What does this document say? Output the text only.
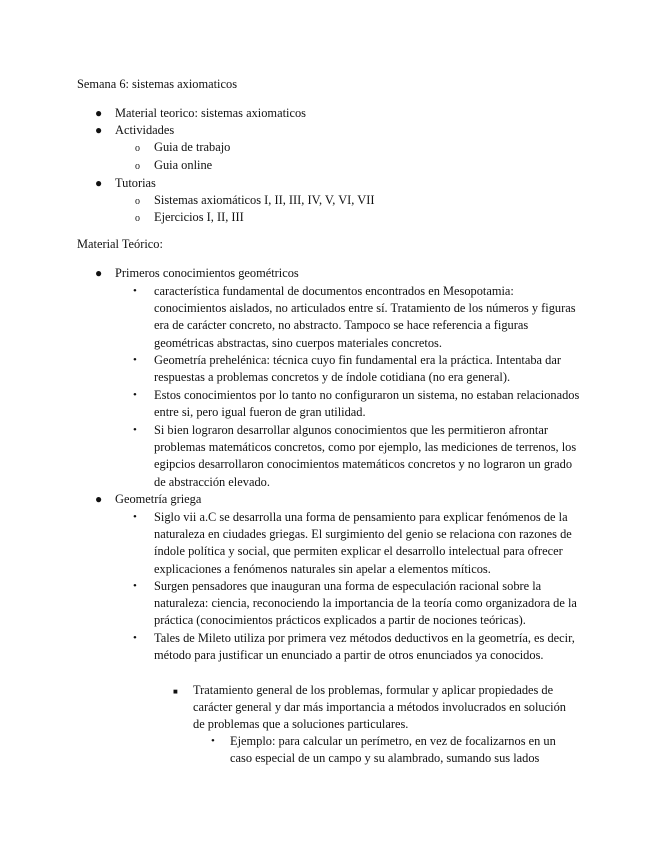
Semana 6: sistemas axiomaticos

● Material teorico: sistemas axiomaticos
● Actividades
o Guia de trabajo
o Guia online
● Tutorias
o Sistemas axiomáticos I, II, III, IV, V, VI, VII
o Ejercicios I, II, III

Material Teórico:

● Primeros conocimientos geométricos
• característica fundamental de documentos encontrados en Mesopotamia: conocimientos aislados, no articulados entre sí. Tratamiento de los números y figuras era de carácter concreto, no abstracto. Tampoco se hace referencia a figuras geométricas abstractas, sino cuerpos materiales concretos.
• Geometría prehelénica: técnica cuyo fin fundamental era la práctica. Intentaba dar respuestas a problemas concretos y de índole cotidiana (no era general).
• Estos conocimientos por lo tanto no configuraron un sistema, no estaban relacionados entre si, pero igual fueron de gran utilidad.
• Si bien lograron desarrollar algunos conocimientos que les permitieron afrontar problemas matemáticos concretos, como por ejemplo, las mediciones de terrenos, los egipcios desarrollaron conocimientos matemáticos concretos y no lograron un grado de abstracción elevado.
● Geometría griega
• Siglo vii a.C se desarrolla una forma de pensamiento para explicar fenómenos de la naturaleza en ciudades griegas. El surgimiento del genio se relaciona con razones de índole política y social, que permiten explicar el desarrollo intelectual para ofrecer explicaciones a fenómenos naturales sin apelar a elementos míticos.
• Surgen pensadores que inauguran una forma de especulación racional sobre la naturaleza: ciencia, reconociendo la importancia de la teoría como organizadora de la práctica (conocimientos prácticos explicados a partir de nociones teóricas).
• Tales de Mileto utiliza por primera vez métodos deductivos en la geometría, es decir, método para justificar un enunciado a partir de otros enunciados ya conocidos.
■ Tratamiento general de los problemas, formular y aplicar propiedades de carácter general y dar más importancia a métodos involucrados en solución de problemas que a soluciones particulares.
• Ejemplo: para calcular un perímetro, en vez de focalizarnos en un caso especial de un campo y su alambrado, sumando sus lados
